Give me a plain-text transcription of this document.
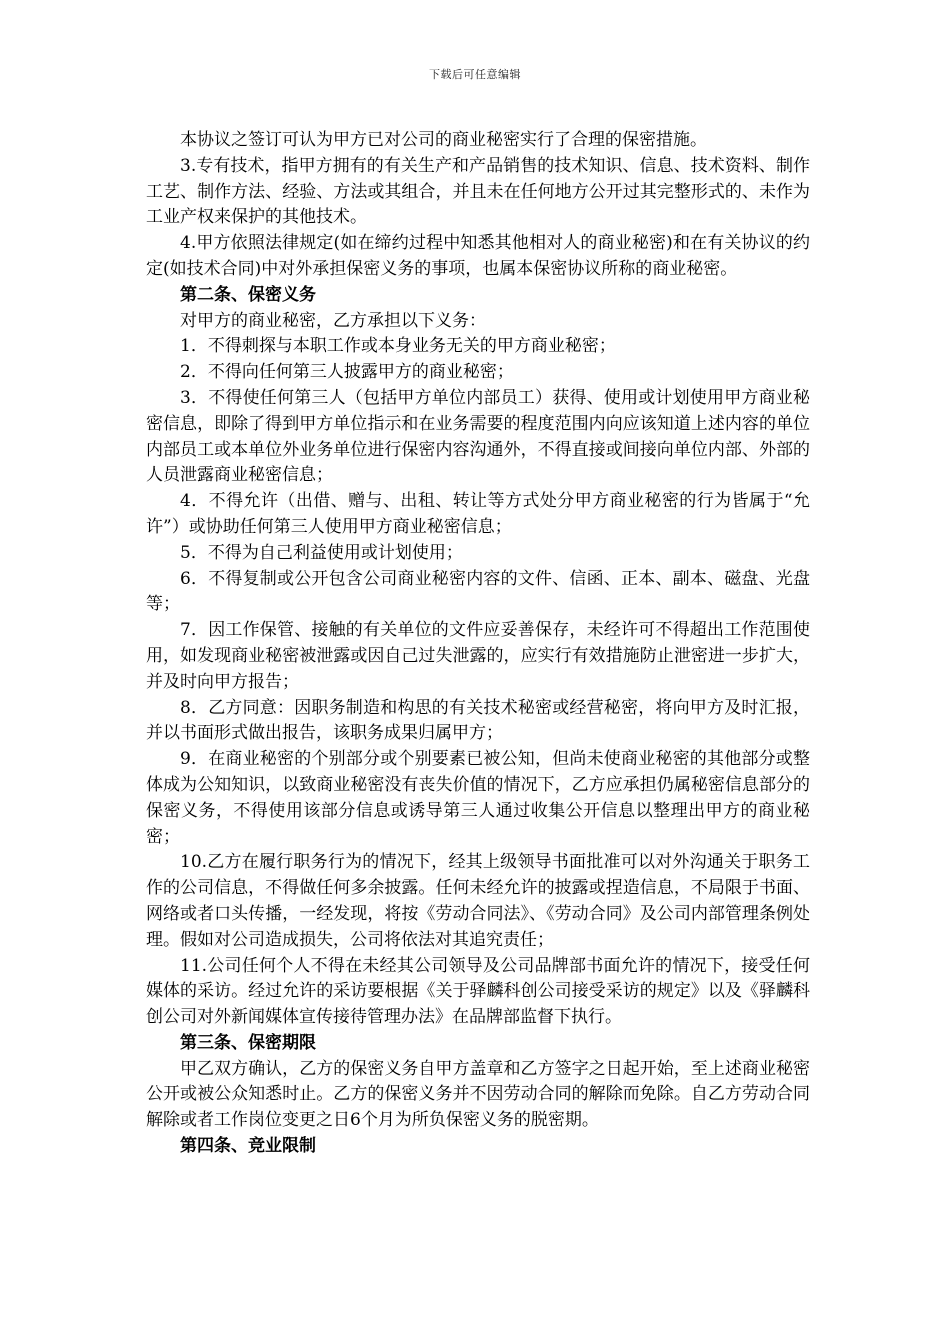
下载后可任意编辑

本协议之签订可认为甲方已对公司的商业秘密实行了合理的保密措施。

3.专有技术，指甲方拥有的有关生产和产品销售的技术知识、信息、技术资料、制作工艺、制作方法、经验、方法或其组合，并且未在任何地方公开过其完整形式的、未作为工业产权来保护的其他技术。

4.甲方依照法律规定(如在缔约过程中知悉其他相对人的商业秘密)和在有关协议的约定(如技术合同)中对外承担保密义务的事项，也属本保密协议所称的商业秘密。

第二条、保密义务

对甲方的商业秘密，乙方承担以下义务：

1．不得刺探与本职工作或本身业务无关的甲方商业秘密；

2．不得向任何第三人披露甲方的商业秘密；

3．不得使任何第三人（包括甲方单位内部员工）获得、使用或计划使用甲方商业秘密信息，即除了得到甲方单位指示和在业务需要的程度范围内向应该知道上述内容的单位内部员工或本单位外业务单位进行保密内容沟通外，不得直接或间接向单位内部、外部的人员泄露商业秘密信息；

4．不得允许（出借、赠与、出租、转让等方式处分甲方商业秘密的行为皆属于“允许”）或协助任何第三人使用甲方商业秘密信息；

5．不得为自己利益使用或计划使用；

6．不得复制或公开包含公司商业秘密内容的文件、信函、正本、副本、磁盘、光盘等；

7．因工作保管、接触的有关单位的文件应妥善保存，未经许可不得超出工作范围使用，如发现商业秘密被泄露或因自己过失泄露的，应实行有效措施防止泄密进一步扩大，并及时向甲方报告；

8．乙方同意：因职务制造和构思的有关技术秘密或经营秘密，将向甲方及时汇报，并以书面形式做出报告，该职务成果归属甲方；

9．在商业秘密的个别部分或个别要素已被公知，但尚未使商业秘密的其他部分或整体成为公知知识，以致商业秘密没有丧失价值的情况下，乙方应承担仍属秘密信息部分的保密义务，不得使用该部分信息或诱导第三人通过收集公开信息以整理出甲方的商业秘密；

10.乙方在履行职务行为的情况下，经其上级领导书面批准可以对外沟通关于职务工作的公司信息，不得做任何多余披露。任何未经允许的披露或捏造信息，不局限于书面、网络或者口头传播，一经发现，将按《劳动合同法》、《劳动合同》及公司内部管理条例处理。假如对公司造成损失，公司将依法对其追究责任；

11.公司任何个人不得在未经其公司领导及公司品牌部书面允许的情况下，接受任何媒体的采访。经过允许的采访要根据《关于驿麟科创公司接受采访的规定》以及《驿麟科创公司对外新闻媒体宣传接待管理办法》在品牌部监督下执行。

第三条、保密期限

甲乙双方确认，乙方的保密义务自甲方盖章和乙方签字之日起开始，至上述商业秘密公开或被公众知悉时止。乙方的保密义务并不因劳动合同的解除而免除。自乙方劳动合同解除或者工作岗位变更之日6个月为所负保密义务的脱密期。

第四条、竞业限制
